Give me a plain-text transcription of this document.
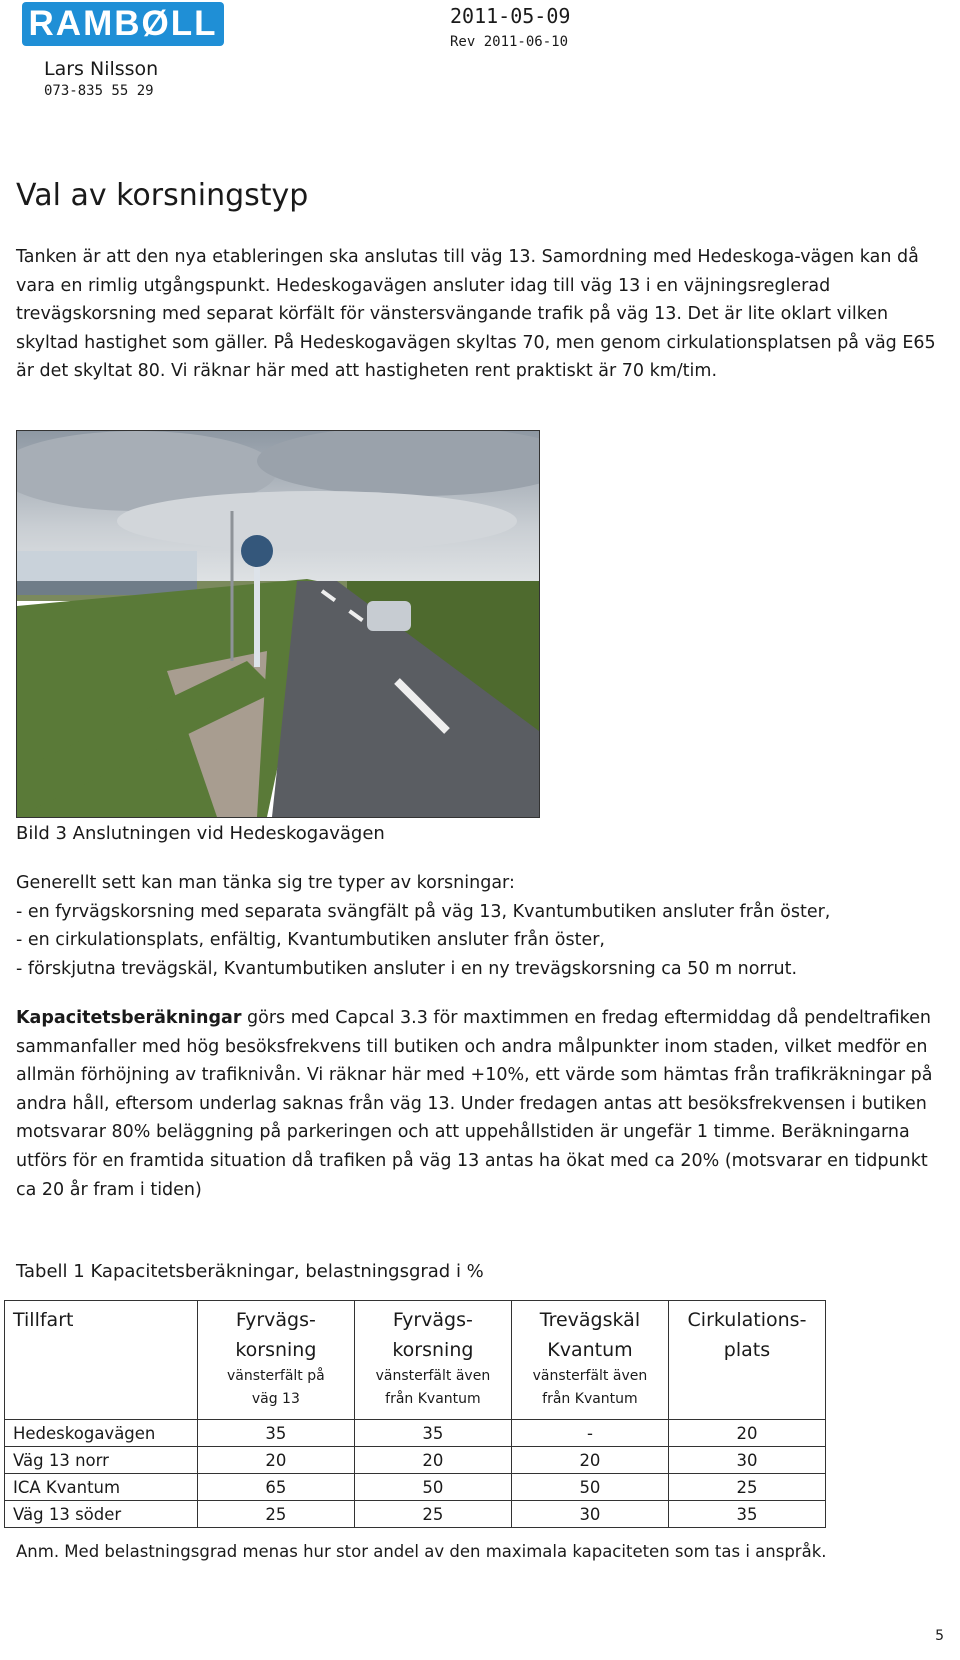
RAMBØLL
Lars Nilsson
073-835 55 29
2011-05-09
Rev 2011-06-10
Val av korsningstyp

Tanken är att den nya etableringen ska anslutas till väg 13. Samordning med Hedeskoga-vägen kan då vara en rimlig utgångspunkt. Hedeskogavägen ansluter idag till väg 13 i en väjningsreglerad trevägskorsning med separat körfält för vänstersvängande trafik på väg 13. Det är lite oklart vilken skyltad hastighet som gäller. På Hedeskogavägen skyltas 70, men genom cirkulationsplatsen på väg E65 är det skyltat 80. Vi räknar här med att hastigheten rent praktiskt är 70 km/tim.

Bild 3 Anslutningen vid Hedeskogavägen

Generellt sett kan man tänka sig tre typer av korsningar:
- en fyrvägskorsning med separata svängfält på väg 13, Kvantumbutiken ansluter från öster,
- en cirkulationsplats, enfältig, Kvantumbutiken ansluter från öster,
- förskjutna trevägskäl, Kvantumbutiken ansluter i en ny trevägskorsning ca 50 m norrut.

Kapacitetsberäkningar görs med Capcal 3.3 för maxtimmen en fredag eftermiddag då pendeltrafiken sammanfaller med hög besöksfrekvens till butiken och andra målpunkter inom staden, vilket medför en allmän förhöjning av trafiknivån. Vi räknar här med +10%, ett värde som hämtas från trafikräkningar på andra håll, eftersom underlag saknas från väg 13. Under fredagen antas att besöksfrekvensen i butiken motsvarar 80% beläggning på parkeringen och att uppehållstiden är ungefär 1 timme. Beräkningarna utförs för en framtida situation då trafiken på väg 13 antas ha ökat med ca 20% (motsvarar en tidpunkt ca 20 år fram i tiden)

Tabell 1 Kapacitetsberäkningar, belastningsgrad i %

Tillfart	Fyrvägs-
korsning
vänsterfält på
väg 13	Fyrvägs-
korsning
vänsterfält även
från Kvantum	Trevägskäl
Kvantum
vänsterfält även
från Kvantum	Cirkulations-
plats

Hedeskogavägen	35	35	-	20
Väg 13 norr	20	20	20	30
ICA Kvantum	65	50	50	25
Väg 13 söder	25	25	30	35

Anm. Med belastningsgrad menas hur stor andel av den maximala kapaciteten som tas i anspråk.

5
